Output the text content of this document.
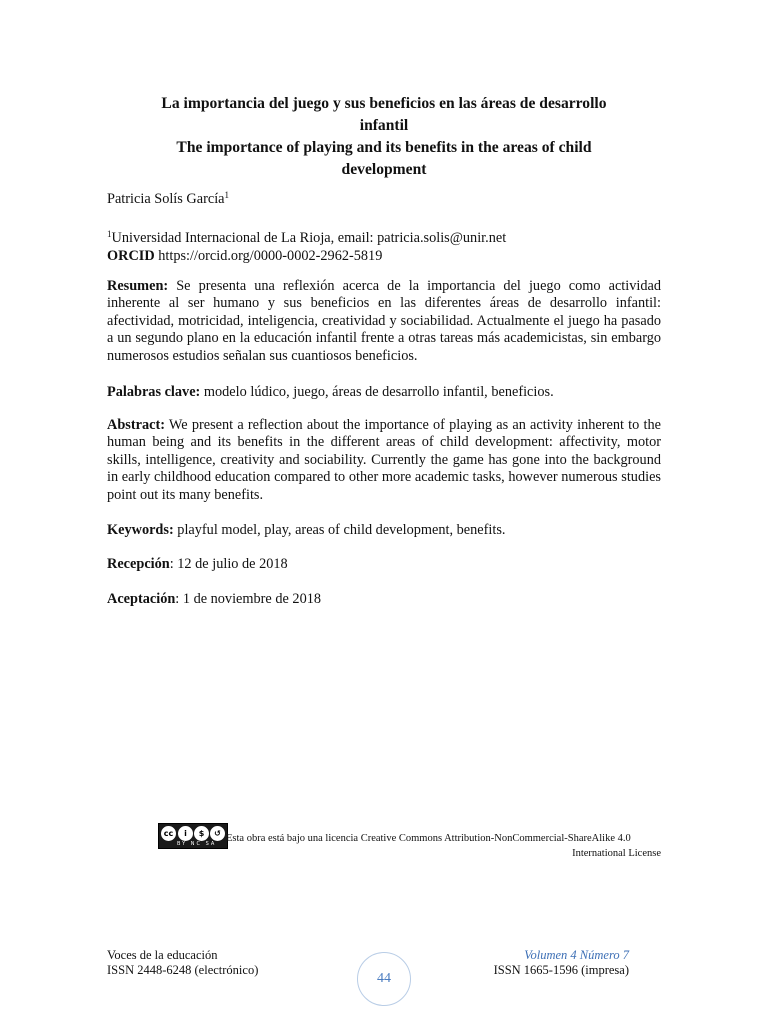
La importancia del juego y sus beneficios en las áreas de desarrollo
infantil
The importance of playing and its benefits in the areas of child
development
Patricia Solís García$^1$
$^1$Universidad Internacional de La Rioja, email: patricia.solis@unir.net
ORCID https://orcid.org/0000-0002-2962-5819
Resumen: Se presenta una reflexión acerca de la importancia del juego como actividad inherente al ser humano y sus beneficios en las diferentes áreas de desarrollo infantil: afectividad, motricidad, inteligencia, creatividad y sociabilidad. Actualmente el juego ha pasado a un segundo plano en la educación infantil frente a otras tareas más academicistas, sin embargo numerosos estudios señalan sus cuantiosos beneficios.
Palabras clave: modelo lúdico, juego, áreas de desarrollo infantil, beneficios.
Abstract: We present a reflection about the importance of playing as an activity inherent to the human being and its benefits in the different areas of child development: affectivity, motor skills, intelligence, creativity and sociability. Currently the game has gone into the background in early childhood education compared to other more academic tasks, however numerous studies point out its many benefits.
Keywords: playful model, play, areas of child development, benefits.
Recepción: 12 de julio de 2018
Aceptación: 1 de noviembre de 2018
cc	i	$	↺
BY NC SA Esta obra está bajo una licencia Creative Commons Attribution-NonCommercial-ShareAlike 4.0
International License
Voces de la educación
ISSN 2448-6248 (electrónico)
44
Volumen 4 Número 7
ISSN 1665-1596 (impresa)
